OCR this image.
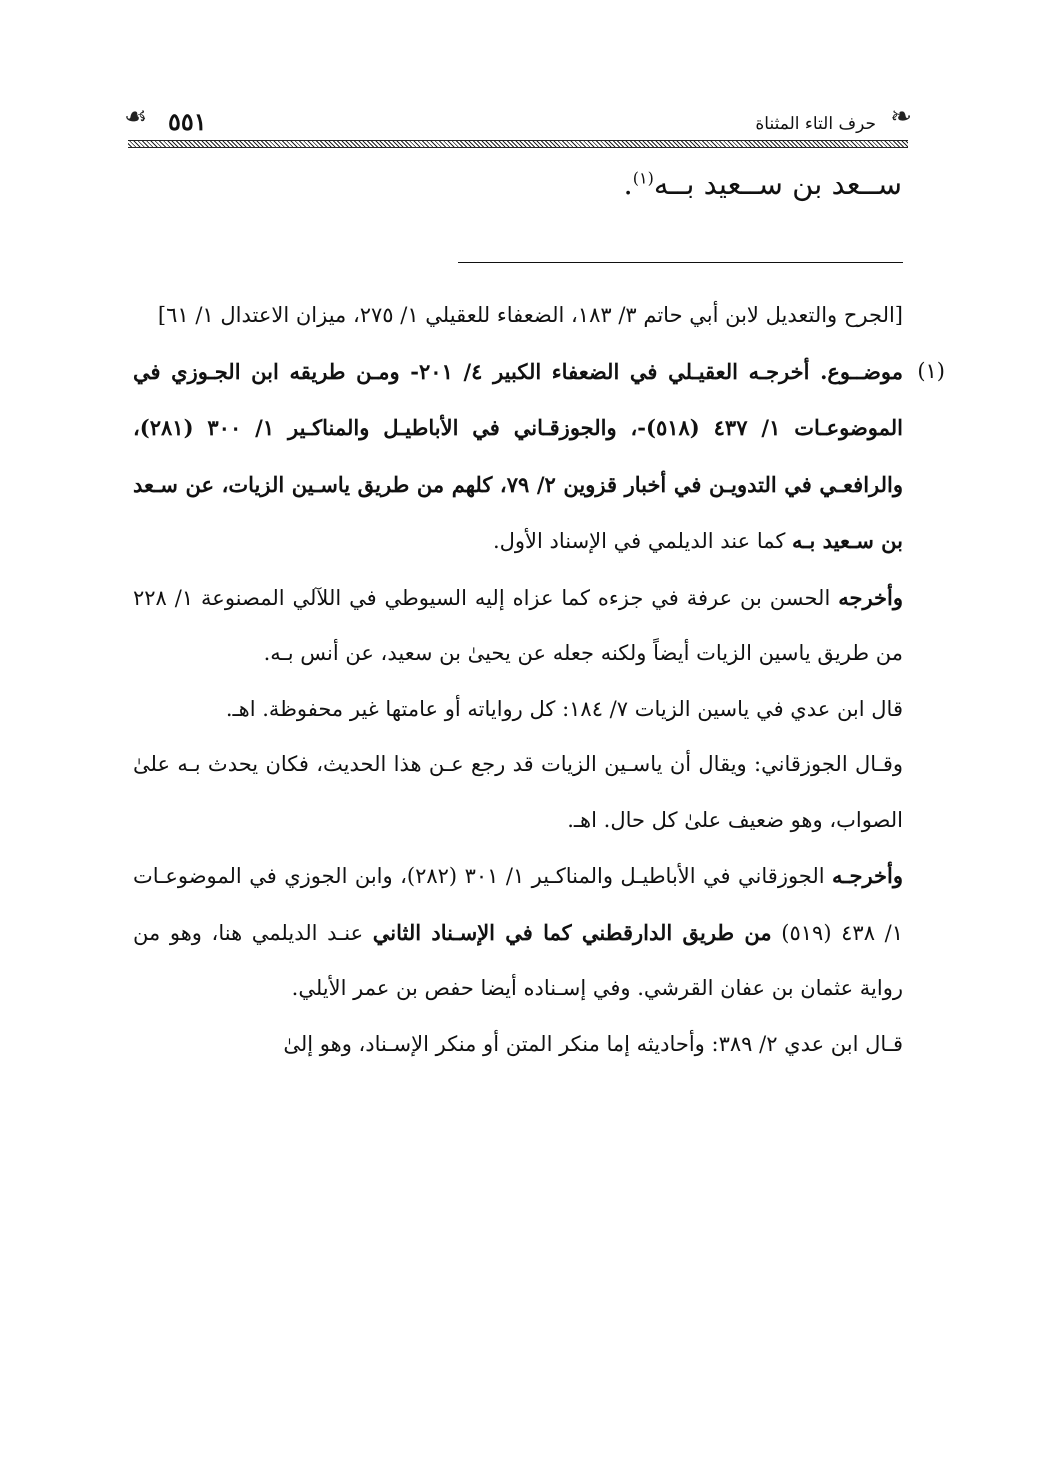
❧
حرف التاء المثناة
٥٥١
☙
ســعد بن ســعيد بــه$^{(١)}$.

[الجرح والتعديل لابن أبي حاتم ٣/ ١٨٣، الضعفاء للعقيلي ١/ ٢٧٥، ميزان الاعتدال ١/ ٦١]

(١)

موضــوع. أخرجـه العقيـلي في الضعفاء الكبير ٤/ ٢٠١- ومـن طريقه ابن الجـوزي في الموضوعـات ١/ ٤٣٧ (٥١٨)-، والجوزقـاني في الأباطيـل والمناكـير ١/ ٣٠٠ (٢٨١)، والرافعـي في التدويـن في أخبار قزوين ٢/ ٧٩، كلهم من طريق ياسـين الزيات، عن سـعد بن سـعيد بـه كما عند الديلمي في الإسناد الأول.

وأخرجه الحسن بن عرفة في جزءه كما عزاه إليه السيوطي في اللآلي المصنوعة ١/ ٢٢٨ من طريق ياسين الزيات أيضاً ولكنه جعله عن يحيىٰ بن سعيد، عن أنس بـه.

قال ابن عدي في ياسين الزيات ٧/ ١٨٤: كل رواياته أو عامتها غير محفوظة. اهـ.

وقـال الجوزقاني: ويقال أن ياسـين الزيات قد رجع عـن هذا الحديث، فكان يحدث بـه علىٰ الصواب، وهو ضعيف علىٰ كل حال. اهـ.

وأخرجـه الجوزقاني في الأباطيـل والمناكـير ١/ ٣٠١ (٢٨٢)، وابن الجوزي في الموضوعـات ١/ ٤٣٨ (٥١٩) من طريق الدارقطني كما في الإسـناد الثاني عنـد الديلمي هنا، وهو من رواية عثمان بن عفان القرشي. وفي إسـناده أيضا حفص بن عمر الأيلي.

قـال ابن عدي ٢/ ٣٨٩: وأحاديثه إما منكر المتن أو منكر الإسـناد، وهو إلىٰ
